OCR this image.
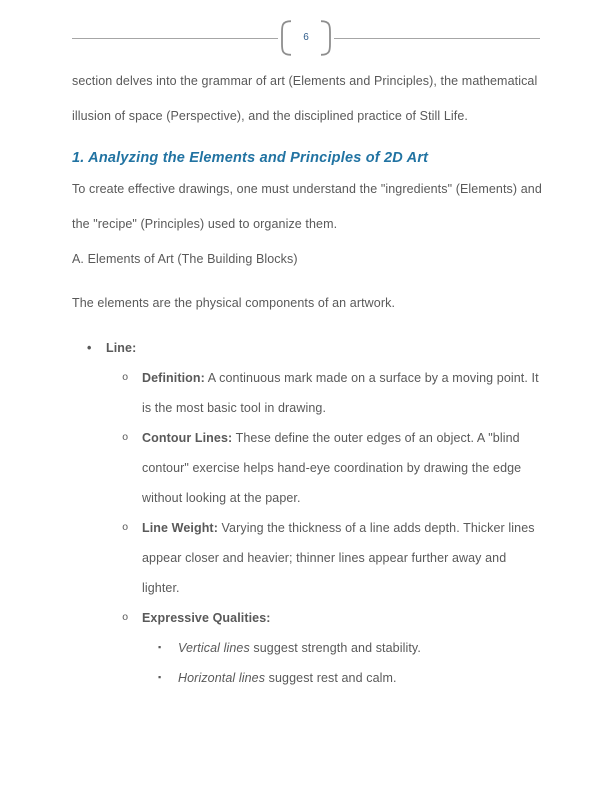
6

section delves into the grammar of art (Elements and Principles), the mathematical illusion of space (Perspective), and the disciplined practice of Still Life.

1. Analyzing the Elements and Principles of 2D Art

To create effective drawings, one must understand the "ingredients" (Elements) and the "recipe" (Principles) used to organize them.

A. Elements of Art (The Building Blocks)

The elements are the physical components of an artwork.

• Line:
o Definition: A continuous mark made on a surface by a moving point. It is the most basic tool in drawing.
o Contour Lines: These define the outer edges of an object. A "blind contour" exercise helps hand-eye coordination by drawing the edge without looking at the paper.
o Line Weight: Varying the thickness of a line adds depth. Thicker lines appear closer and heavier; thinner lines appear further away and lighter.
o Expressive Qualities:
▪ Vertical lines suggest strength and stability.
▪ Horizontal lines suggest rest and calm.
